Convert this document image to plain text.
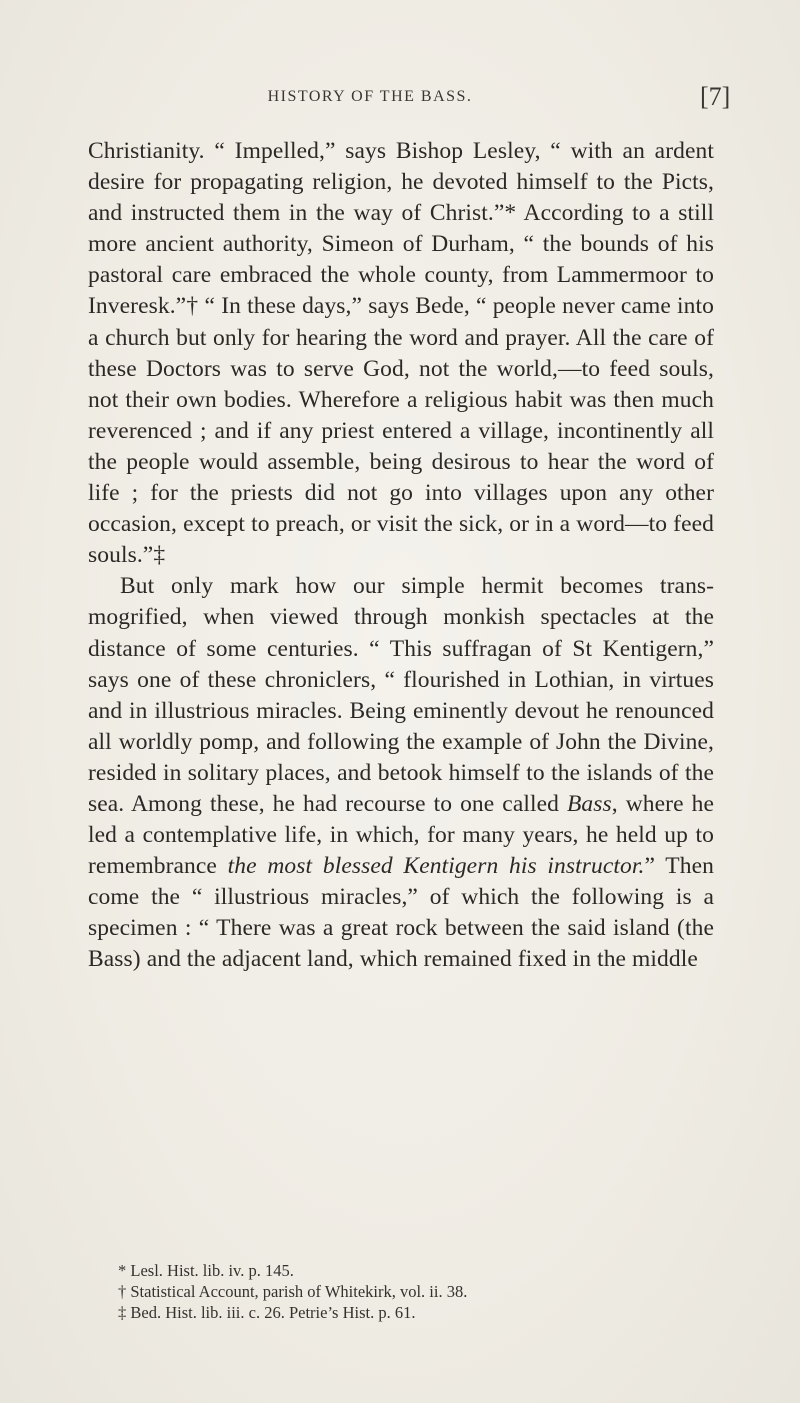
HISTORY OF THE BASS.	[7]

Christianity. “ Impelled,” says Bishop Lesley, “ with an ardent desire for propagating religion, he devoted himself to the Picts, and instructed them in the way of Christ.”* According to a still more ancient authority, Simeon of Durham, “ the bounds of his pastoral care embraced the whole county, from Lammermoor to Inveresk.”† “ In these days,” says Bede, “ people never came into a church but only for hearing the word and prayer. All the care of these Doctors was to serve God, not the world,—to feed souls, not their own bodies. Wherefore a religious habit was then much reverenced ; and if any priest entered a village, incontinently all the people would assemble, being desirous to hear the word of life ; for the priests did not go into villages upon any other occasion, except to preach, or visit the sick, or in a word—to feed souls.”‡

But only mark how our simple hermit becomes transmogrified, when viewed through monkish spectacles at the distance of some centuries. “ This suffragan of St Kentigern,” says one of these chroniclers, “ flourished in Lothian, in virtues and in illustrious miracles. Being eminently devout he renounced all worldly pomp, and following the example of John the Divine, resided in solitary places, and betook himself to the islands of the sea. Among these, he had recourse to one called Bass, where he led a contemplative life, in which, for many years, he held up to remembrance the most blessed Kentigern his instructor.” Then come the “ illustrious miracles,” of which the following is a specimen : “ There was a great rock between the said island (the Bass) and the adjacent land, which remained fixed in the middle

* Lesl. Hist. lib. iv. p. 145.
† Statistical Account, parish of Whitekirk, vol. ii. 38.
‡ Bed. Hist. lib. iii. c. 26. Petrie’s Hist. p. 61.
